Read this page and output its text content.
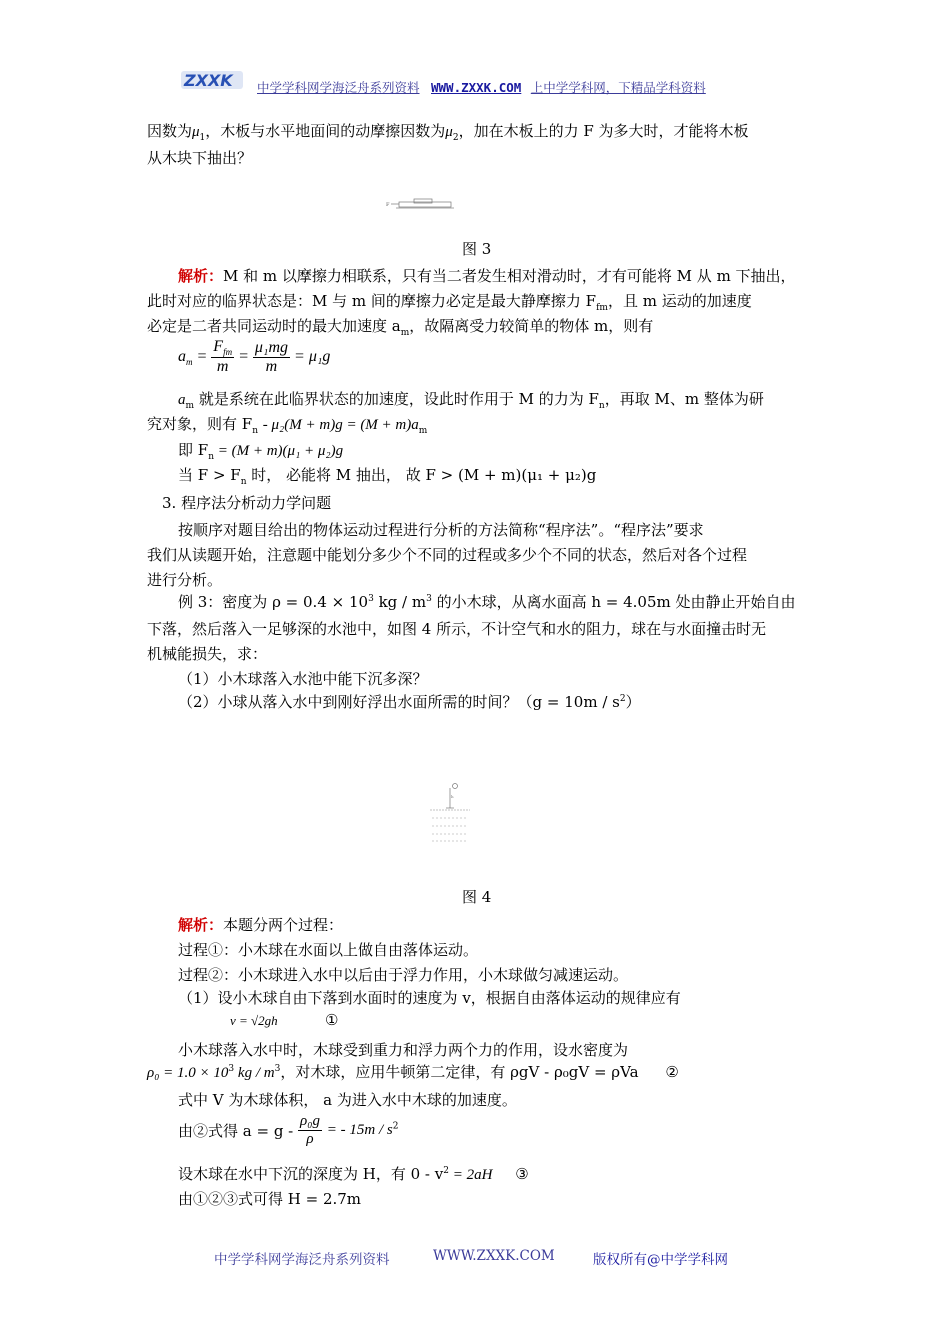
ZXXK 中学学科网学海泛舟系列资料 WWW.ZXXK.COM 上中学学科网，下精品学科资料
因数为$\mu_1$，木板与水平地面间的动摩擦因数为$\mu_2$，加在木板上的力 F 为多大时，才能将木板
从木块下抽出？
F
图 3
解析：M 和 m 以摩擦力相联系，只有当二者发生相对滑动时，才有可能将 M 从 m 下抽出，
此时对应的临界状态是：M 与 m 间的摩擦力必定是最大静摩擦力 $F_{fm}$，且 m 运动的加速度
必定是二者共同运动时的最大加速度 $a_m$，故隔离受力较简单的物体 m，则有
$a_m = \frac{F_{fm}}{m} = \frac{\text{μ₁mg}}{m} = \mu_1g$
$a_m$ 就是系统在此临界状态的加速度，设此时作用于 M 的力为 $F_n$，再取 M、m 整体为研
究对象，则有 $F_n - \mu_2(M + m)g = (M + m)a_m$
即 $F_n = (M + m)(\mu_1 + \mu_2)g$
当 $F > F_n$ 时， 必能将 M 抽出， 故 F > (M + m)(μ₁ + μ₂)g
3. 程序法分析动力学问题
按顺序对题目给出的物体运动过程进行分析的方法简称“程序法”。“程序法”要求
我们从读题开始，注意题中能划分多少个不同的过程或多少个不同的状态，然后对各个过程
进行分析。
例 3：密度为 $\rho = 0.4 \times 10^3$ kg / $m^3$ 的小木球，从离水面高 h = 4.05m 处由静止开始自由
下落，然后落入一足够深的水池中，如图 4 所示，不计空气和水的阻力，球在与水面撞击时无
机械能损失，求：
（1）小木球落入水池中能下沉多深？
（2）小球从落入水中到刚好浮出水面所需的时间？$(g = 10m / s^2)$
h
图 4
解析：本题分两个过程：
过程①：小木球在水面以上做自由落体运动。
过程②：小木球进入水中以后由于浮力作用，小木球做匀减速运动。
（1）设小木球自由下落到水面时的速度为 v，根据自由落体运动的规律应有
v = √2gh	①
小木球落入水中时，木球受到重力和浮力两个力的作用，设水密度为
$\rho_0 = 1.0 \times 10^3$ kg / $m^3$，对木球，应用牛顿第二定律，有 ρgV - ρ₀gV = ρVa ②
式中 V 为木球体积， a 为进入水中木球的加速度。
由②式得 $a = g - \frac{\text{ρ₀g}}{\rho}$ = - $15m / s^2$
设木球在水中下沉的深度为 H，有 $0 - v^2 = 2aH$ ③
由①②③式可得 H = 2.7m
中学学科网学海泛舟系列资料	WWW.ZXXK.COM	版权所有@中学学科网
